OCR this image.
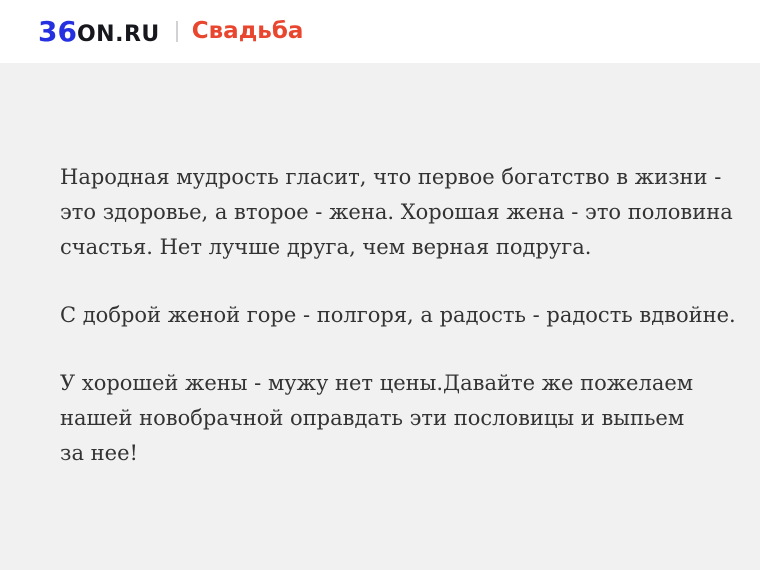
36 ON.RU Свадьба

Народная мудрость гласит, что первое богатство в жизни -
это здоровье, а второе - жена. Хорошая жена - это половина
счастья. Нет лучше друга, чем верная подруга.

С доброй женой горе - полгоря, а радость - радость вдвойне.

У хорошей жены - мужу нет цены.Давайте же пожелаем
нашей новобрачной оправдать эти пословицы и выпьем
за нее!
